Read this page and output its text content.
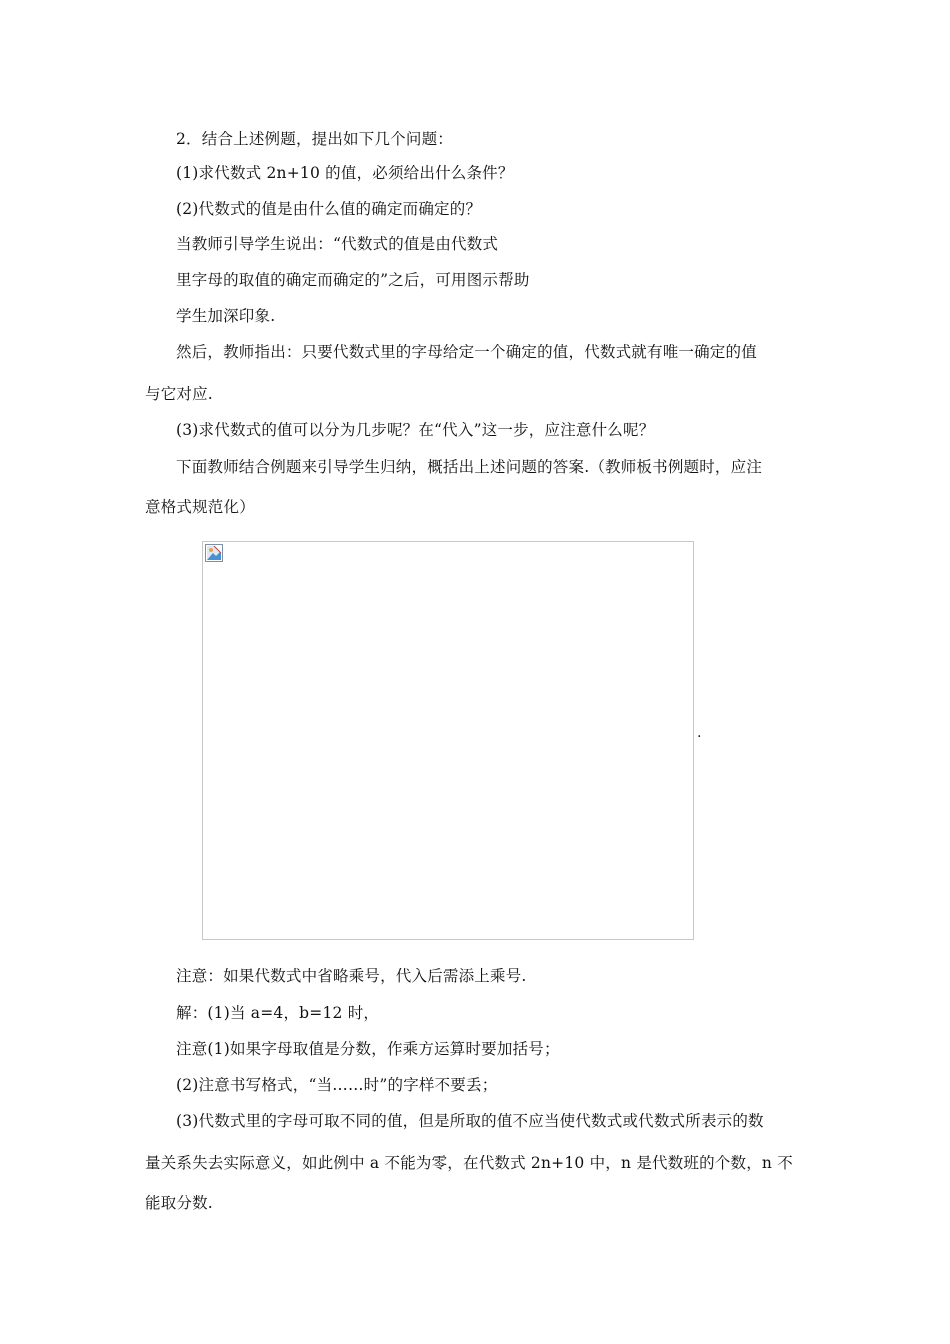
2．结合上述例题，提出如下几个问题：
(1)求代数式 2n+10 的值，必须给出什么条件？
(2)代数式的值是由什么值的确定而确定的？
当教师引导学生说出：“代数式的值是由代数式
里字母的取值的确定而确定的”之后，可用图示帮助
学生加深印象.
然后，教师指出：只要代数式里的字母给定一个确定的值，代数式就有唯一确定的值
与它对应.
(3)求代数式的值可以分为几步呢？在“代入”这一步，应注意什么呢？
下面教师结合例题来引导学生归纳，概括出上述问题的答案.（教师板书例题时，应注
意格式规范化）
.
注意：如果代数式中省略乘号，代入后需添上乘号.
解：(1)当 a=4，b=12 时，
注意(1)如果字母取值是分数，作乘方运算时要加括号；
(2)注意书写格式，“当……时”的字样不要丢；
(3)代数式里的字母可取不同的值，但是所取的值不应当使代数式或代数式所表示的数
量关系失去实际意义，如此例中 a 不能为零，在代数式 2n+10 中，n 是代数班的个数，n 不
能取分数.
